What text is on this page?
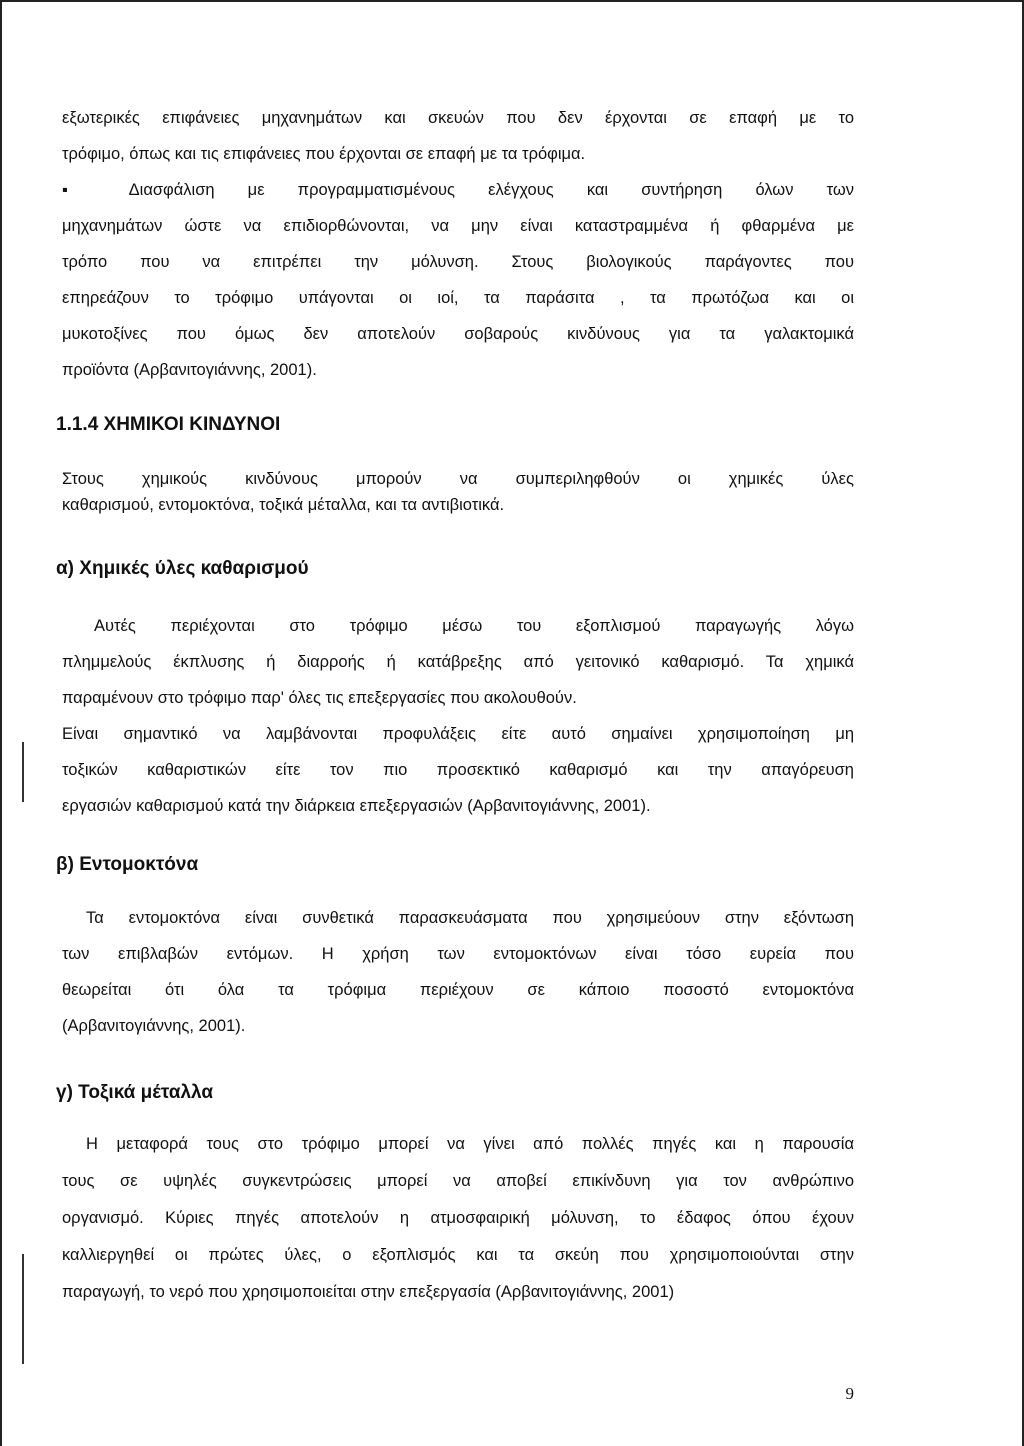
εξωτερικές επιφάνειες μηχανημάτων και σκευών που δεν έρχονται σε επαφή με το
τρόφιμο, όπως και τις επιφάνειες που έρχονται σε επαφή με τα τρόφιμα.
▪ Διασφάλιση με προγραμματισμένους ελέγχους και συντήρηση όλων των
μηχανημάτων ώστε να επιδιορθώνονται, να μην είναι καταστραμμένα ή φθαρμένα με
τρόπο που να επιτρέπει την μόλυνση. Στους βιολογικούς παράγοντες που
επηρεάζουν το τρόφιμο υπάγονται οι ιοί, τα παράσιτα , τα πρωτόζωα και οι
μυκοτοξίνες που όμως δεν αποτελούν σοβαρούς κινδύνους για τα γαλακτομικά
προϊόντα (Αρβανιτογιάννης, 2001).
1.1.4 ΧΗΜΙΚΟΙ ΚΙΝΔΥΝΟΙ
Στους χημικούς κινδύνους μπορούν να συμπεριληφθούν οι χημικές ύλες
καθαρισμού, εντομοκτόνα, τοξικά μέταλλα, και τα αντιβιοτικά.
α) Χημικές ύλες καθαρισμού
Αυτές περιέχονται στο τρόφιμο μέσω του εξοπλισμού παραγωγής λόγω
πλημμελούς έκπλυσης ή διαρροής ή κατάβρεξης από γειτονικό καθαρισμό. Τα χημικά
παραμένουν στο τρόφιμο παρ' όλες τις επεξεργασίες που ακολουθούν.
Είναι σημαντικό να λαμβάνονται προφυλάξεις είτε αυτό σημαίνει χρησιμοποίηση μη
τοξικών καθαριστικών είτε τον πιο προσεκτικό καθαρισμό και την απαγόρευση
εργασιών καθαρισμού κατά την διάρκεια επεξεργασιών (Αρβανιτογιάννης, 2001).
β) Εντομοκτόνα
Τα εντομοκτόνα είναι συνθετικά παρασκευάσματα που χρησιμεύουν στην εξόντωση
των επιβλαβών εντόμων. Η χρήση των εντομοκτόνων είναι τόσο ευρεία που
θεωρείται ότι όλα τα τρόφιμα περιέχουν σε κάποιο ποσοστό εντομοκτόνα
(Αρβανιτογιάννης, 2001).
γ) Τοξικά μέταλλα
Η μεταφορά τους στο τρόφιμο μπορεί να γίνει από πολλές πηγές και η παρουσία
τους σε υψηλές συγκεντρώσεις μπορεί να αποβεί επικίνδυνη για τον ανθρώπινο
οργανισμό. Κύριες πηγές αποτελούν η ατμοσφαιρική μόλυνση, το έδαφος όπου έχουν
καλλιεργηθεί οι πρώτες ύλες, ο εξοπλισμός και τα σκεύη που χρησιμοποιούνται στην
παραγωγή, το νερό που χρησιμοποιείται στην επεξεργασία (Αρβανιτογιάννης, 2001)
9
